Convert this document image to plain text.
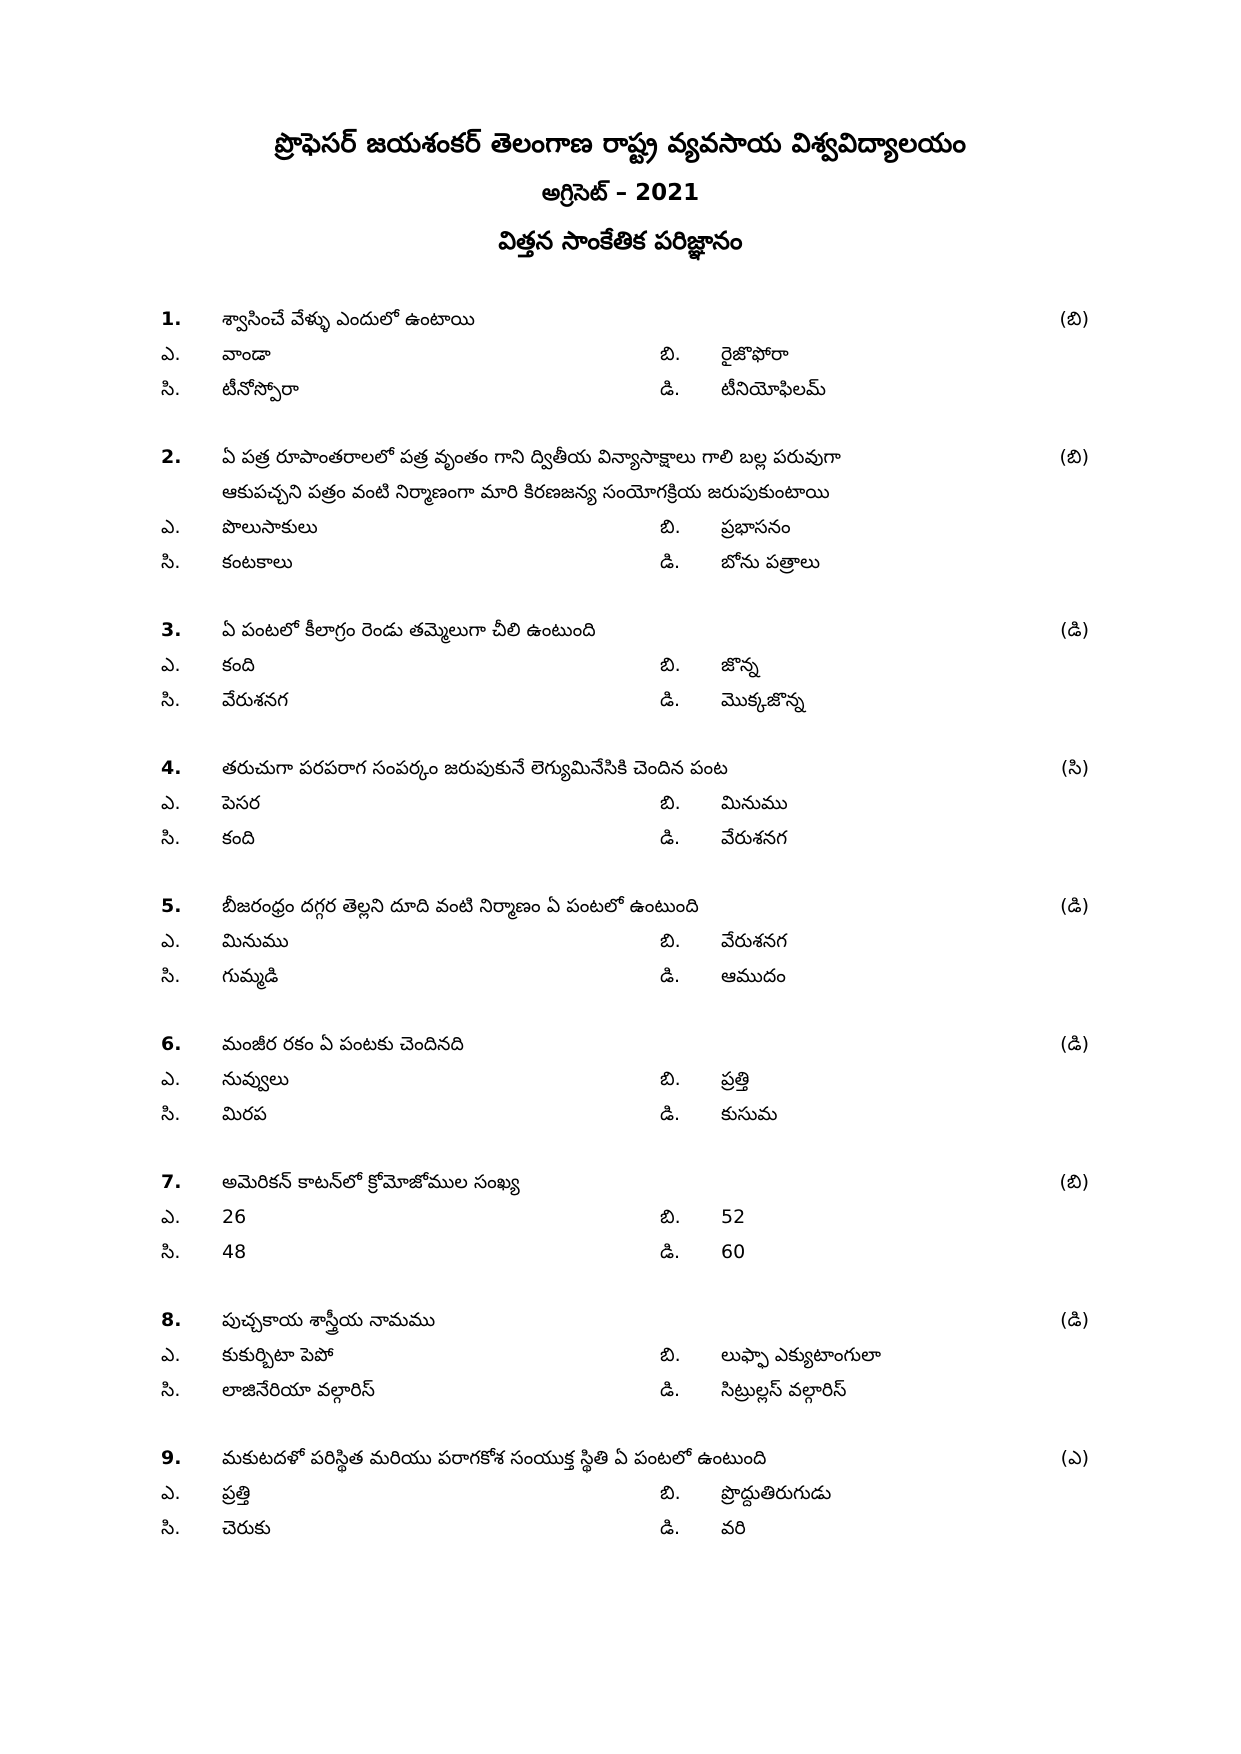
ప్రొఫెసర్ జయశంకర్ తెలంగాణ రాష్ట్ర వ్యవసాయ విశ్వవిద్యాలయం
అగ్రిసెట్ – 2021
విత్తన సాంకేతిక పరిజ్ఞానం
1. శ్వాసించే వేళ్ళు ఎందులో ఉంటాయి	(బి)
ఎ. వాండా	బి. రైజొఫోరా
సి. టీనోస్పోరా	డి. టీనియోఫిలమ్
2. ఏ పత్ర రూపాంతరాలలో పత్ర వృంతం గాని ద్వితీయ విన్యాసాక్షాలు గాలి బల్ల పరువుగా	(బి)
ఆకుపచ్చని పత్రం వంటి నిర్మాణంగా మారి కిరణజన్య సంయోగక్రియ జరుపుకుంటాయి
ఎ. పొలుసాకులు	బి. ప్రభాసనం
సి. కంటకాలు	డి. బోను పత్రాలు
3. ఏ పంటలో కీలాగ్రం రెండు తమ్మెలుగా చీలి ఉంటుంది	(డి)
ఎ. కంది	బి. జొన్న
సి. వేరుశనగ	డి. మొక్కజొన్న
4. తరుచుగా పరపరాగ సంపర్కం జరుపుకునే లెగ్యుమినేసికి చెందిన పంట	(సి)
ఎ. పెసర	బి. మినుము
సి. కంది	డి. వేరుశనగ
5. బీజరంధ్రం దగ్గర తెల్లని దూది వంటి నిర్మాణం ఏ పంటలో ఉంటుంది	(డి)
ఎ. మినుము	బి. వేరుశనగ
సి. గుమ్మడి	డి. ఆముదం
6. మంజీర రకం ఏ పంటకు చెందినది	(డి)
ఎ. నువ్వులు	బి. ప్రత్తి
సి. మిరప	డి. కుసుమ
7. అమెరికన్ కాటన్‌లో క్రోమోజోముల సంఖ్య	(బి)
ఎ. 26	బి. 52
సి. 48	డి. 60
8. పుచ్చకాయ శాస్త్రీయ నామము	(డి)
ఎ. కుకుర్బిటా పెపో	బి. లుఫ్ఫా ఎక్యుటాంగులా
సి. లాజినేరియా వల్గారిస్	డి. సిట్రుల్లస్ వల్గారిస్
9. మకుటదళో పరిస్థిత మరియు పరాగకోశ సంయుక్త స్థితి ఏ పంటలో ఉంటుంది	(ఎ)
ఎ. ప్రత్తి	బి. ప్రొద్దుతిరుగుడు
సి. చెరుకు	డి. వరి
